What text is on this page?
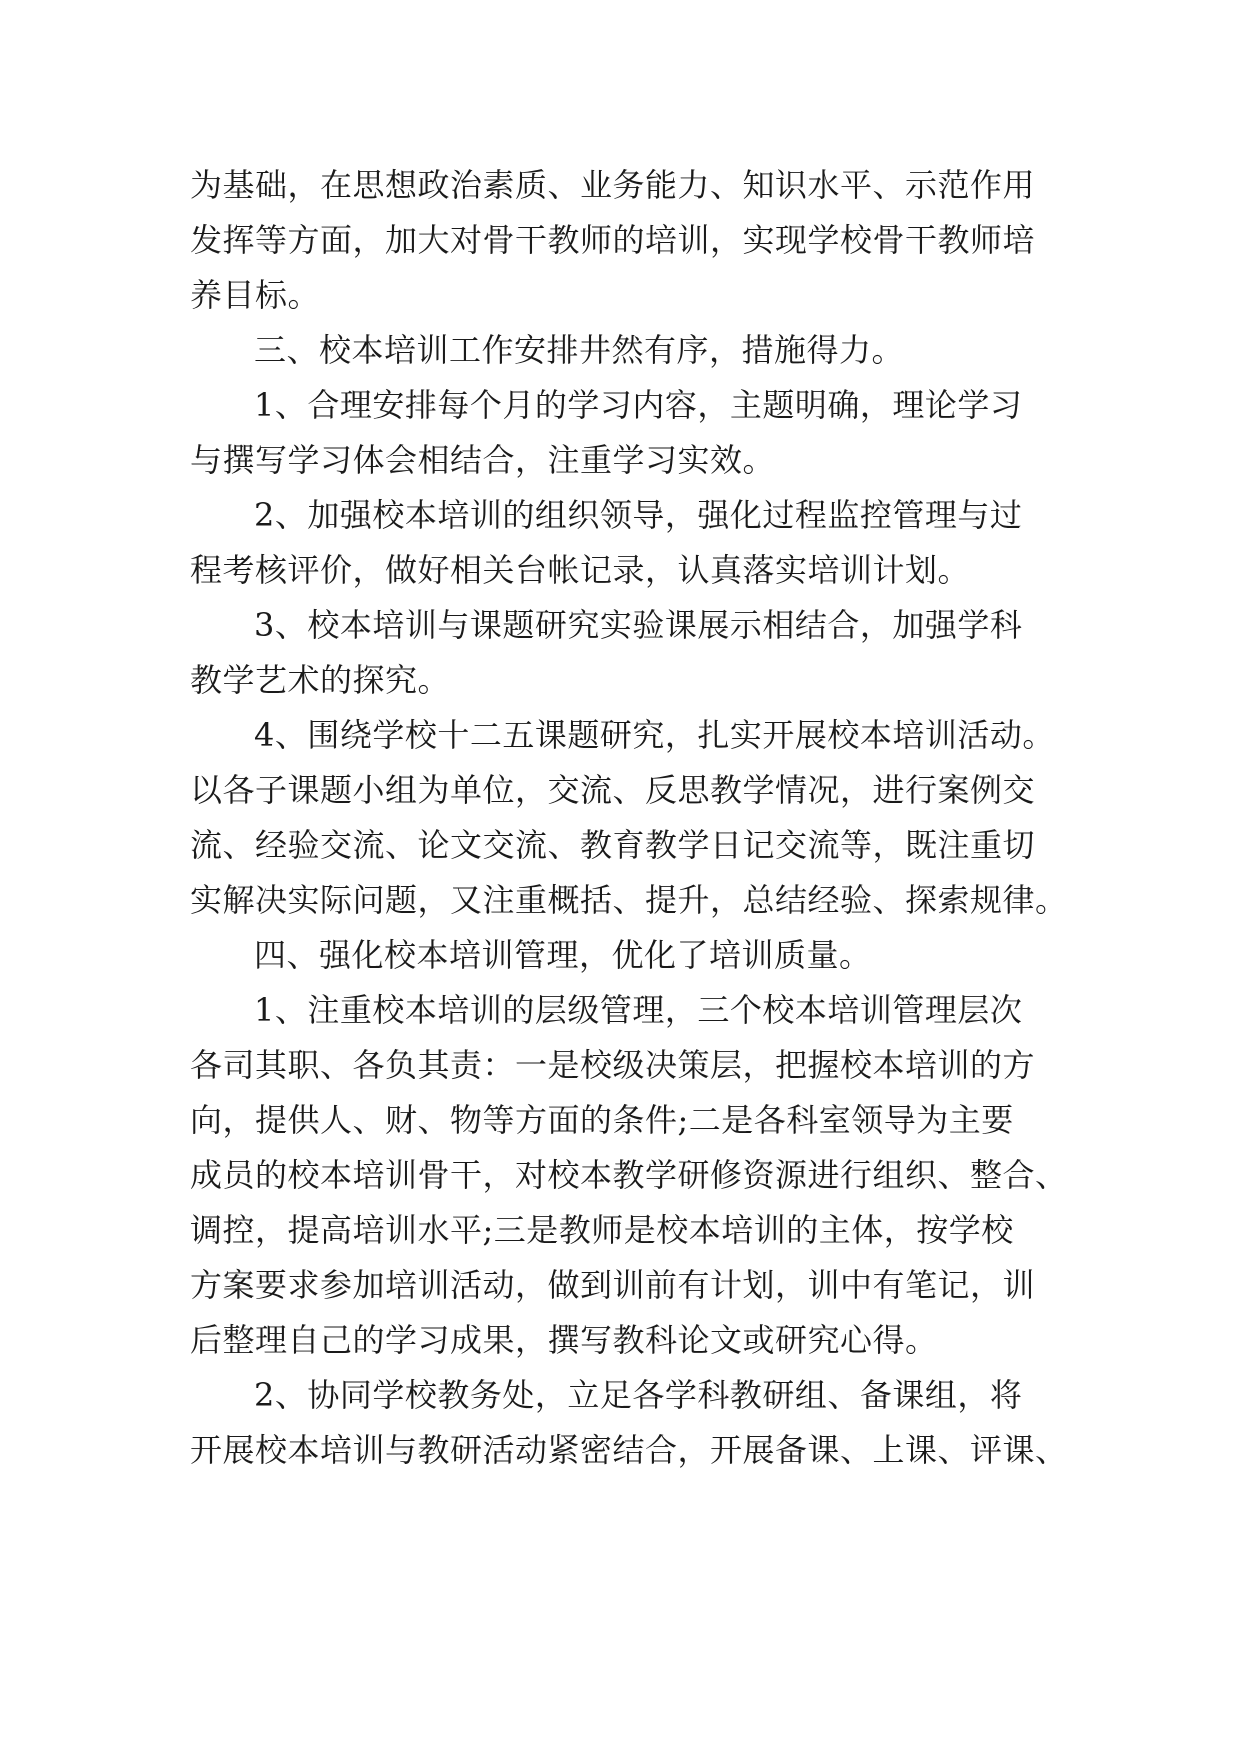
为基础，在思想政治素质、业务能力、知识水平、示范作用
发挥等方面，加大对骨干教师的培训，实现学校骨干教师培
养目标。
三、校本培训工作安排井然有序，措施得力。
1、合理安排每个月的学习内容，主题明确，理论学习
与撰写学习体会相结合，注重学习实效。
2、加强校本培训的组织领导，强化过程监控管理与过
程考核评价，做好相关台帐记录，认真落实培训计划。
3、校本培训与课题研究实验课展示相结合，加强学科
教学艺术的探究。
4、围绕学校十二五课题研究，扎实开展校本培训活动。
以各子课题小组为单位，交流、反思教学情况，进行案例交
流、经验交流、论文交流、教育教学日记交流等，既注重切
实解决实际问题，又注重概括、提升，总结经验、探索规律。
四、强化校本培训管理，优化了培训质量。
1、注重校本培训的层级管理，三个校本培训管理层次
各司其职、各负其责：一是校级决策层，把握校本培训的方
向，提供人、财、物等方面的条件;二是各科室领导为主要
成员的校本培训骨干，对校本教学研修资源进行组织、整合、
调控，提高培训水平;三是教师是校本培训的主体，按学校
方案要求参加培训活动，做到训前有计划，训中有笔记，训
后整理自己的学习成果，撰写教科论文或研究心得。
2、协同学校教务处，立足各学科教研组、备课组，将
开展校本培训与教研活动紧密结合，开展备课、上课、评课、
